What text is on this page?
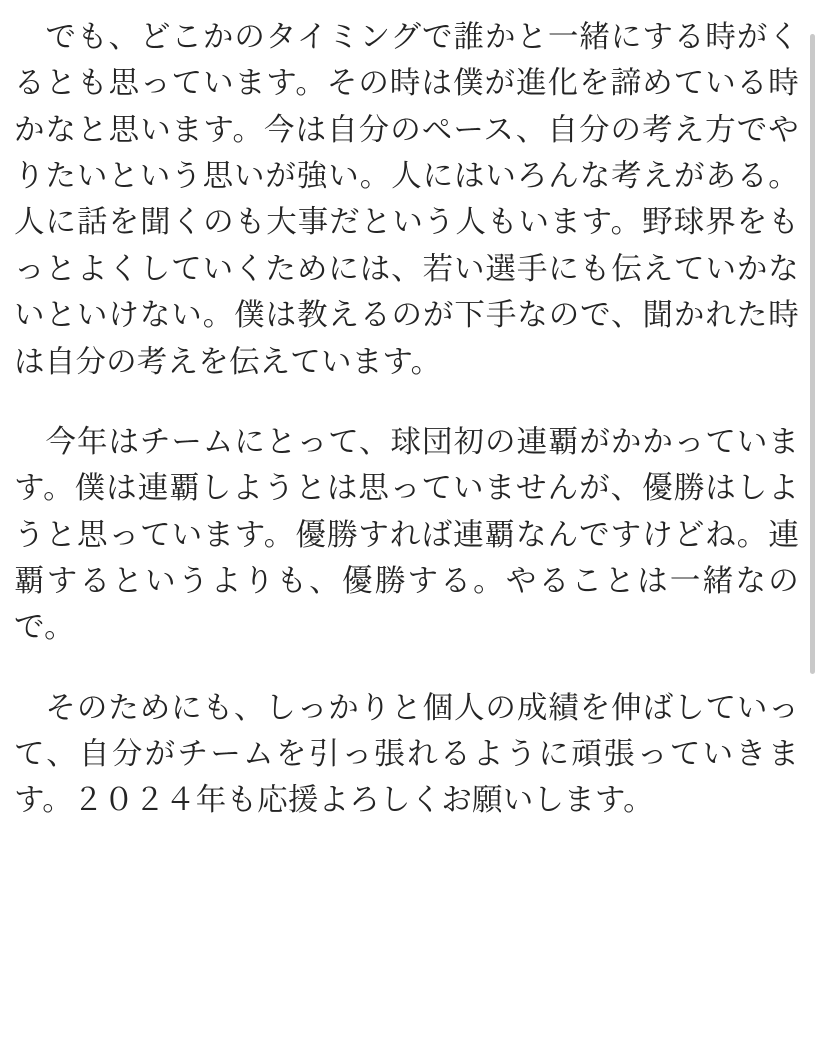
　でも、どこかのタイミングで誰かと一緒にする時がくるとも思っています。その時は僕が進化を諦めている時かなと思います。今は自分のペース、自分の考え方でやりたいという思いが強い。人にはいろんな考えがある。人に話を聞くのも大事だという人もいます。野球界をもっとよくしていくためには、若い選手にも伝えていかないといけない。僕は教えるのが下手なので、聞かれた時は自分の考えを伝えています。

　今年はチームにとって、球団初の連覇がかかっています。僕は連覇しようとは思っていませんが、優勝はしようと思っています。優勝すれば連覇なんですけどね。連覇するというよりも、優勝する。やることは一緒なので。

　そのためにも、しっかりと個人の成績を伸ばしていって、自分がチームを引っ張れるように頑張っていきます。２０２４年も応援よろしくお願いします。
